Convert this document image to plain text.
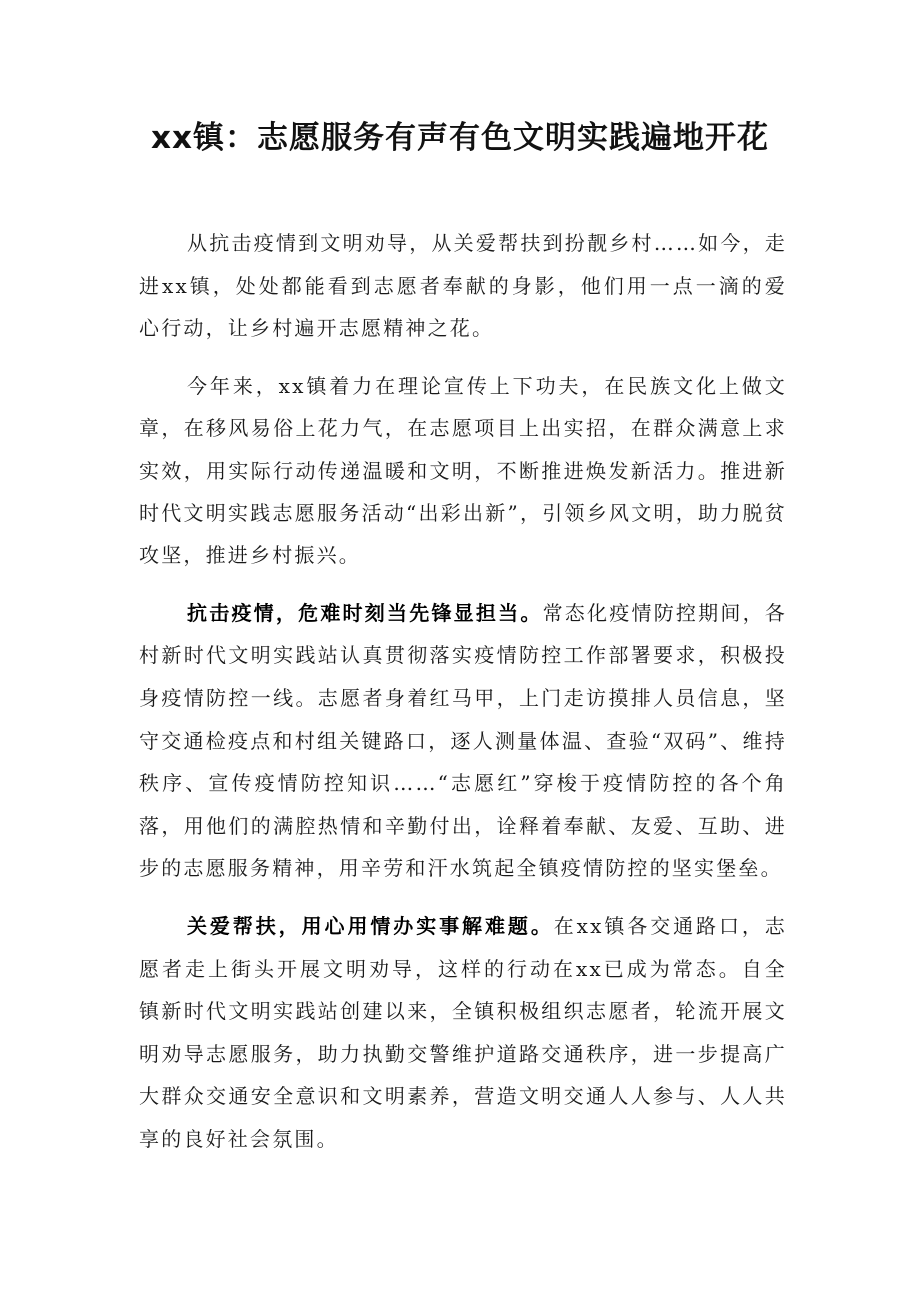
xx镇：志愿服务有声有色文明实践遍地开花

从抗击疫情到文明劝导，从关爱帮扶到扮靓乡村……如今，走进xx镇，处处都能看到志愿者奉献的身影，他们用一点一滴的爱心行动，让乡村遍开志愿精神之花。

今年来，xx镇着力在理论宣传上下功夫，在民族文化上做文章，在移风易俗上花力气，在志愿项目上出实招，在群众满意上求实效，用实际行动传递温暖和文明，不断推进焕发新活力。推进新时代文明实践志愿服务活动“出彩出新”，引领乡风文明，助力脱贫攻坚，推进乡村振兴。

抗击疫情，危难时刻当先锋显担当。常态化疫情防控期间，各村新时代文明实践站认真贯彻落实疫情防控工作部署要求，积极投身疫情防控一线。志愿者身着红马甲，上门走访摸排人员信息，坚守交通检疫点和村组关键路口，逐人测量体温、查验“双码”、维持秩序、宣传疫情防控知识……“志愿红”穿梭于疫情防控的各个角落，用他们的满腔热情和辛勤付出，诠释着奉献、友爱、互助、进步的志愿服务精神，用辛劳和汗水筑起全镇疫情防控的坚实堡垒。

关爱帮扶，用心用情办实事解难题。在xx镇各交通路口，志愿者走上街头开展文明劝导，这样的行动在xx已成为常态。自全镇新时代文明实践站创建以来，全镇积极组织志愿者，轮流开展文明劝导志愿服务，助力执勤交警维护道路交通秩序，进一步提高广大群众交通安全意识和文明素养，营造文明交通人人参与、人人共享的良好社会氛围。
